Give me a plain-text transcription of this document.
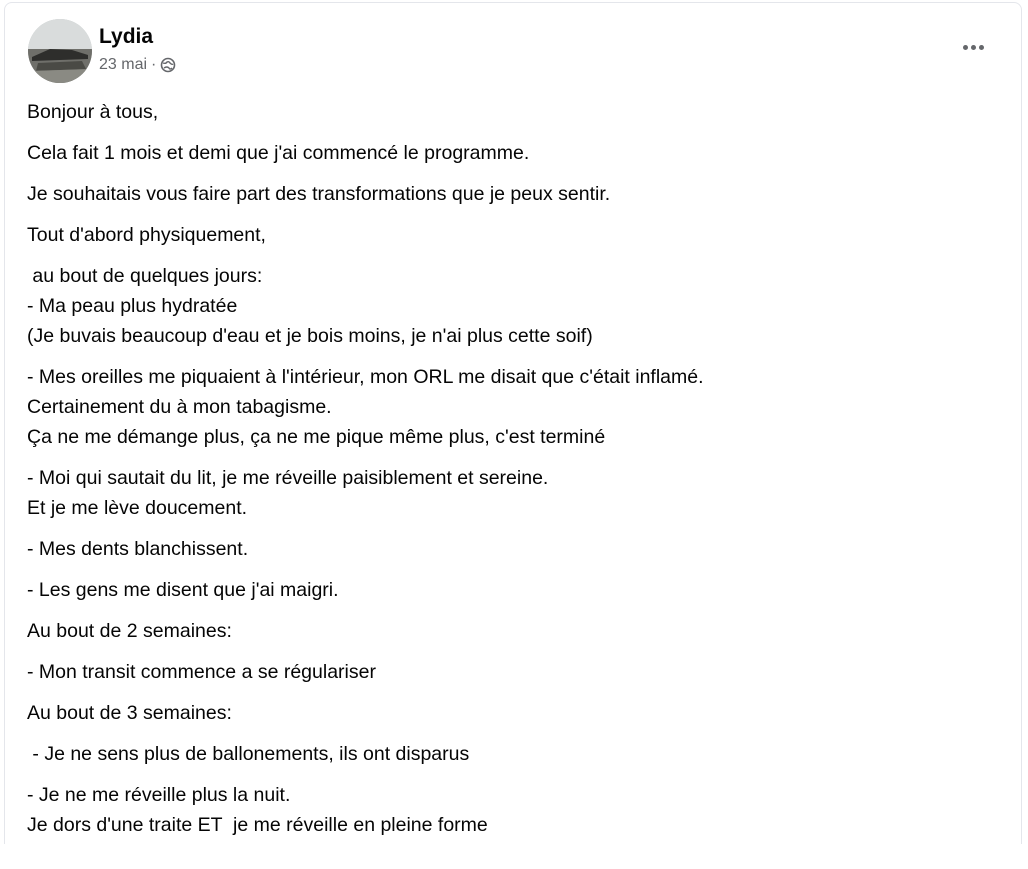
Lydia
23 mai ·

Bonjour à tous,

Cela fait 1 mois et demi que j'ai commencé le programme.

Je souhaitais vous faire part des transformations que je peux sentir.

Tout d'abord physiquement,

au bout de quelques jours:
- Ma peau plus hydratée
(Je buvais beaucoup d'eau et je bois moins, je n'ai plus cette soif)

- Mes oreilles me piquaient à l'intérieur, mon ORL me disait que c'était inflamé.
Certainement du à mon tabagisme.
Ça ne me démange plus, ça ne me pique même plus, c'est terminé

- Moi qui sautait du lit, je me réveille paisiblement et sereine.
Et je me lève doucement.

- Mes dents blanchissent.

- Les gens me disent que j'ai maigri.

Au bout de 2 semaines:

- Mon transit commence a se régulariser

Au bout de 3 semaines:

- Je ne sens plus de ballonements, ils ont disparus

- Je ne me réveille plus la nuit.
Je dors d'une traite ET  je me réveille en pleine forme
